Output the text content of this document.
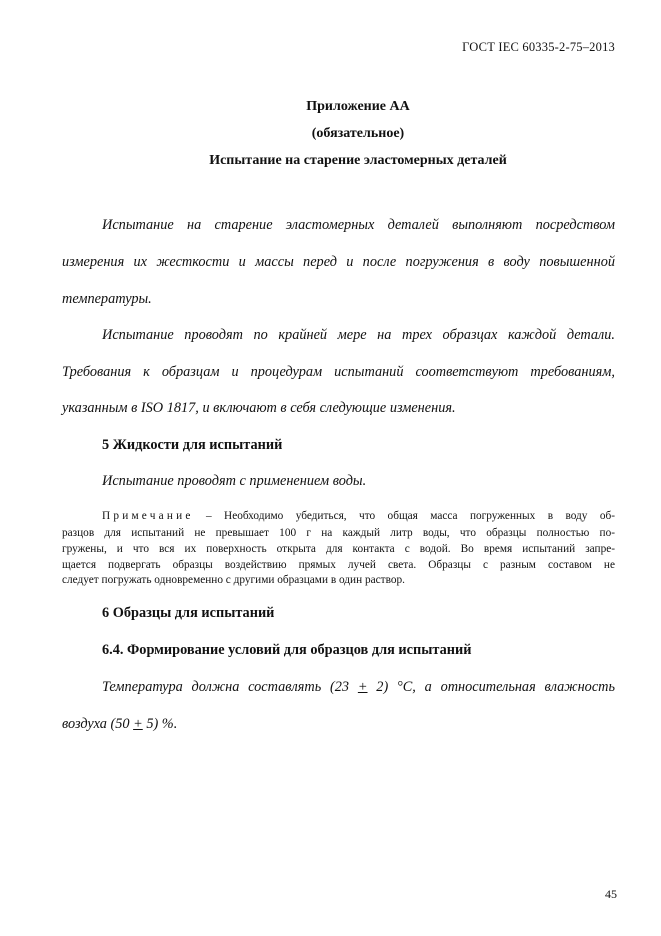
ГОСТ IEC 60335-2-75–2013
Приложение АА
(обязательное)
Испытание на старение эластомерных деталей
Испытание на старение эластомерных деталей выполняют посредством
измерения их жесткости и массы перед и после погружения в воду повышенной
температуры.
Испытание проводят по крайней мере на трех образцах каждой детали.
Требования к образцам и процедурам испытаний соответствуют требованиям,
указанным в ISO 1817, и включают в себя следующие изменения.
5 Жидкости для испытаний
Испытание проводят с применением воды.
Примечание – Необходимо убедиться, что общая масса погруженных в воду об-
разцов для испытаний не превышает 100 г на каждый литр воды, что образцы полностью по-
гружены, и что вся их поверхность открыта для контакта с водой. Во время испытаний запре-
щается подвергать образцы воздействию прямых лучей света. Образцы с разным составом не
следует погружать одновременно с другими образцами в один раствор.
6 Образцы для испытаний
6.4. Формирование условий для образцов для испытаний
Температура должна составлять (23 + 2) °С, а относительная влажность
воздуха (50 + 5) %.
45
